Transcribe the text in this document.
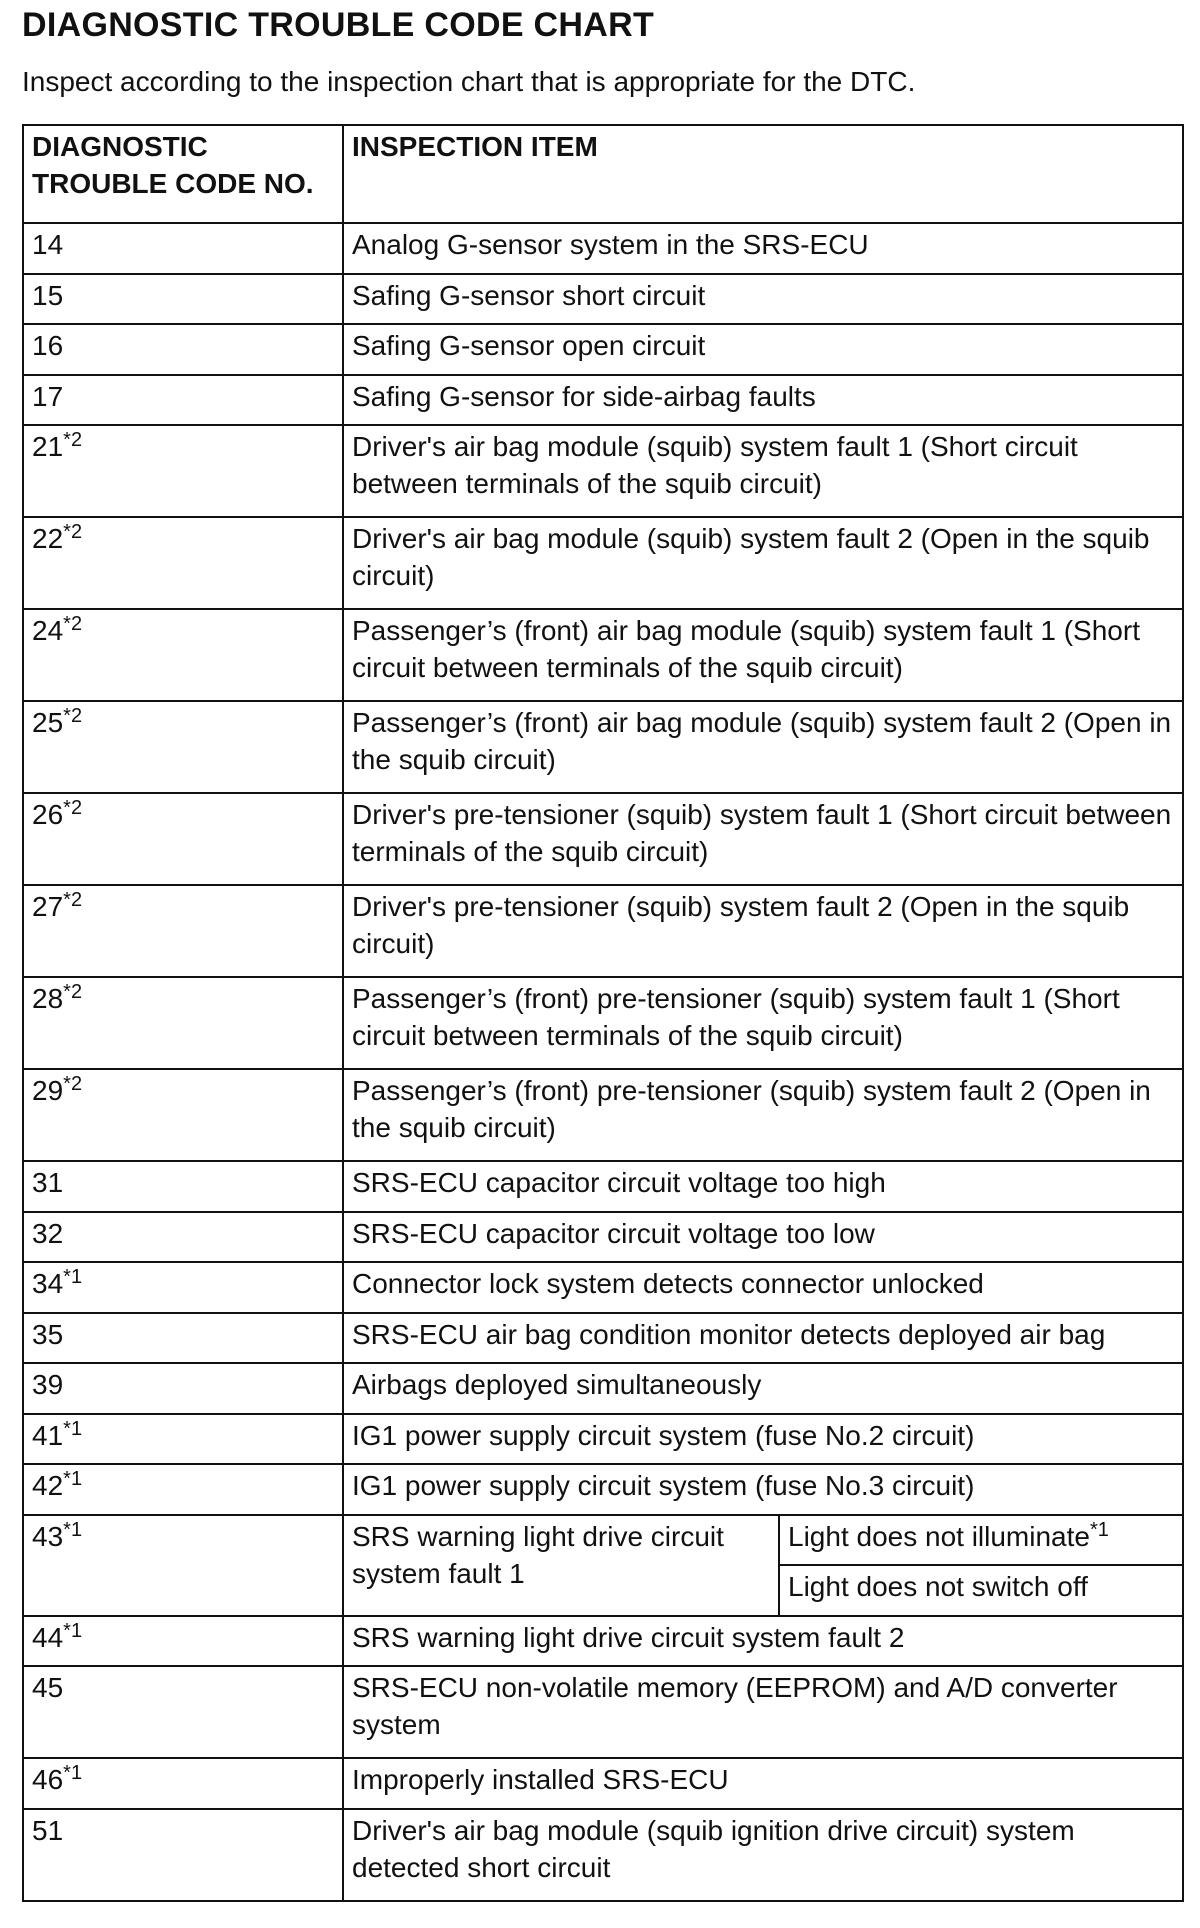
DIAGNOSTIC TROUBLE CODE CHART
Inspect according to the inspection chart that is appropriate for the DTC.
DIAGNOSTIC TROUBLE CODE NO.	INSPECTION ITEM	
14	Analog G-sensor system in the SRS-ECU	
15	Safing G-sensor short circuit	
16	Safing G-sensor open circuit	
17	Safing G-sensor for side-airbag faults	
21$^{*2}$	Driver's air bag module (squib) system fault 1 (Short circuit between terminals of the squib circuit)	
22$^{*2}$	Driver's air bag module (squib) system fault 2 (Open in the squib circuit)	
24$^{*2}$	Passenger’s (front) air bag module (squib) system fault 1 (Short circuit between terminals of the squib circuit)	
25$^{*2}$	Passenger’s (front) air bag module (squib) system fault 2 (Open in the squib circuit)	
26$^{*2}$	Driver's pre-tensioner (squib) system fault 1 (Short circuit between terminals of the squib circuit)	
27$^{*2}$	Driver's pre-tensioner (squib) system fault 2 (Open in the squib circuit)	
28$^{*2}$	Passenger’s (front) pre-tensioner (squib) system fault 1 (Short circuit between terminals of the squib circuit)	
29$^{*2}$	Passenger’s (front) pre-tensioner (squib) system fault 2 (Open in the squib circuit)	
31	SRS-ECU capacitor circuit voltage too high	
32	SRS-ECU capacitor circuit voltage too low	
34$^{*1}$	Connector lock system detects connector unlocked	
35	SRS-ECU air bag condition monitor detects deployed air bag	
39	Airbags deployed simultaneously	
41$^{*1}$	IG1 power supply circuit system (fuse No.2 circuit)	
42$^{*1}$	IG1 power supply circuit system (fuse No.3 circuit)	
43$^{*1}$	SRS warning light drive circuit system fault 1	Light does not illuminate$^{*1}$
		Light does not switch off
44$^{*1}$	SRS warning light drive circuit system fault 2	
45	SRS-ECU non-volatile memory (EEPROM) and A/D converter system	
46$^{*1}$	Improperly installed SRS-ECU	
51	Driver's air bag module (squib ignition drive circuit) system detected short circuit	
